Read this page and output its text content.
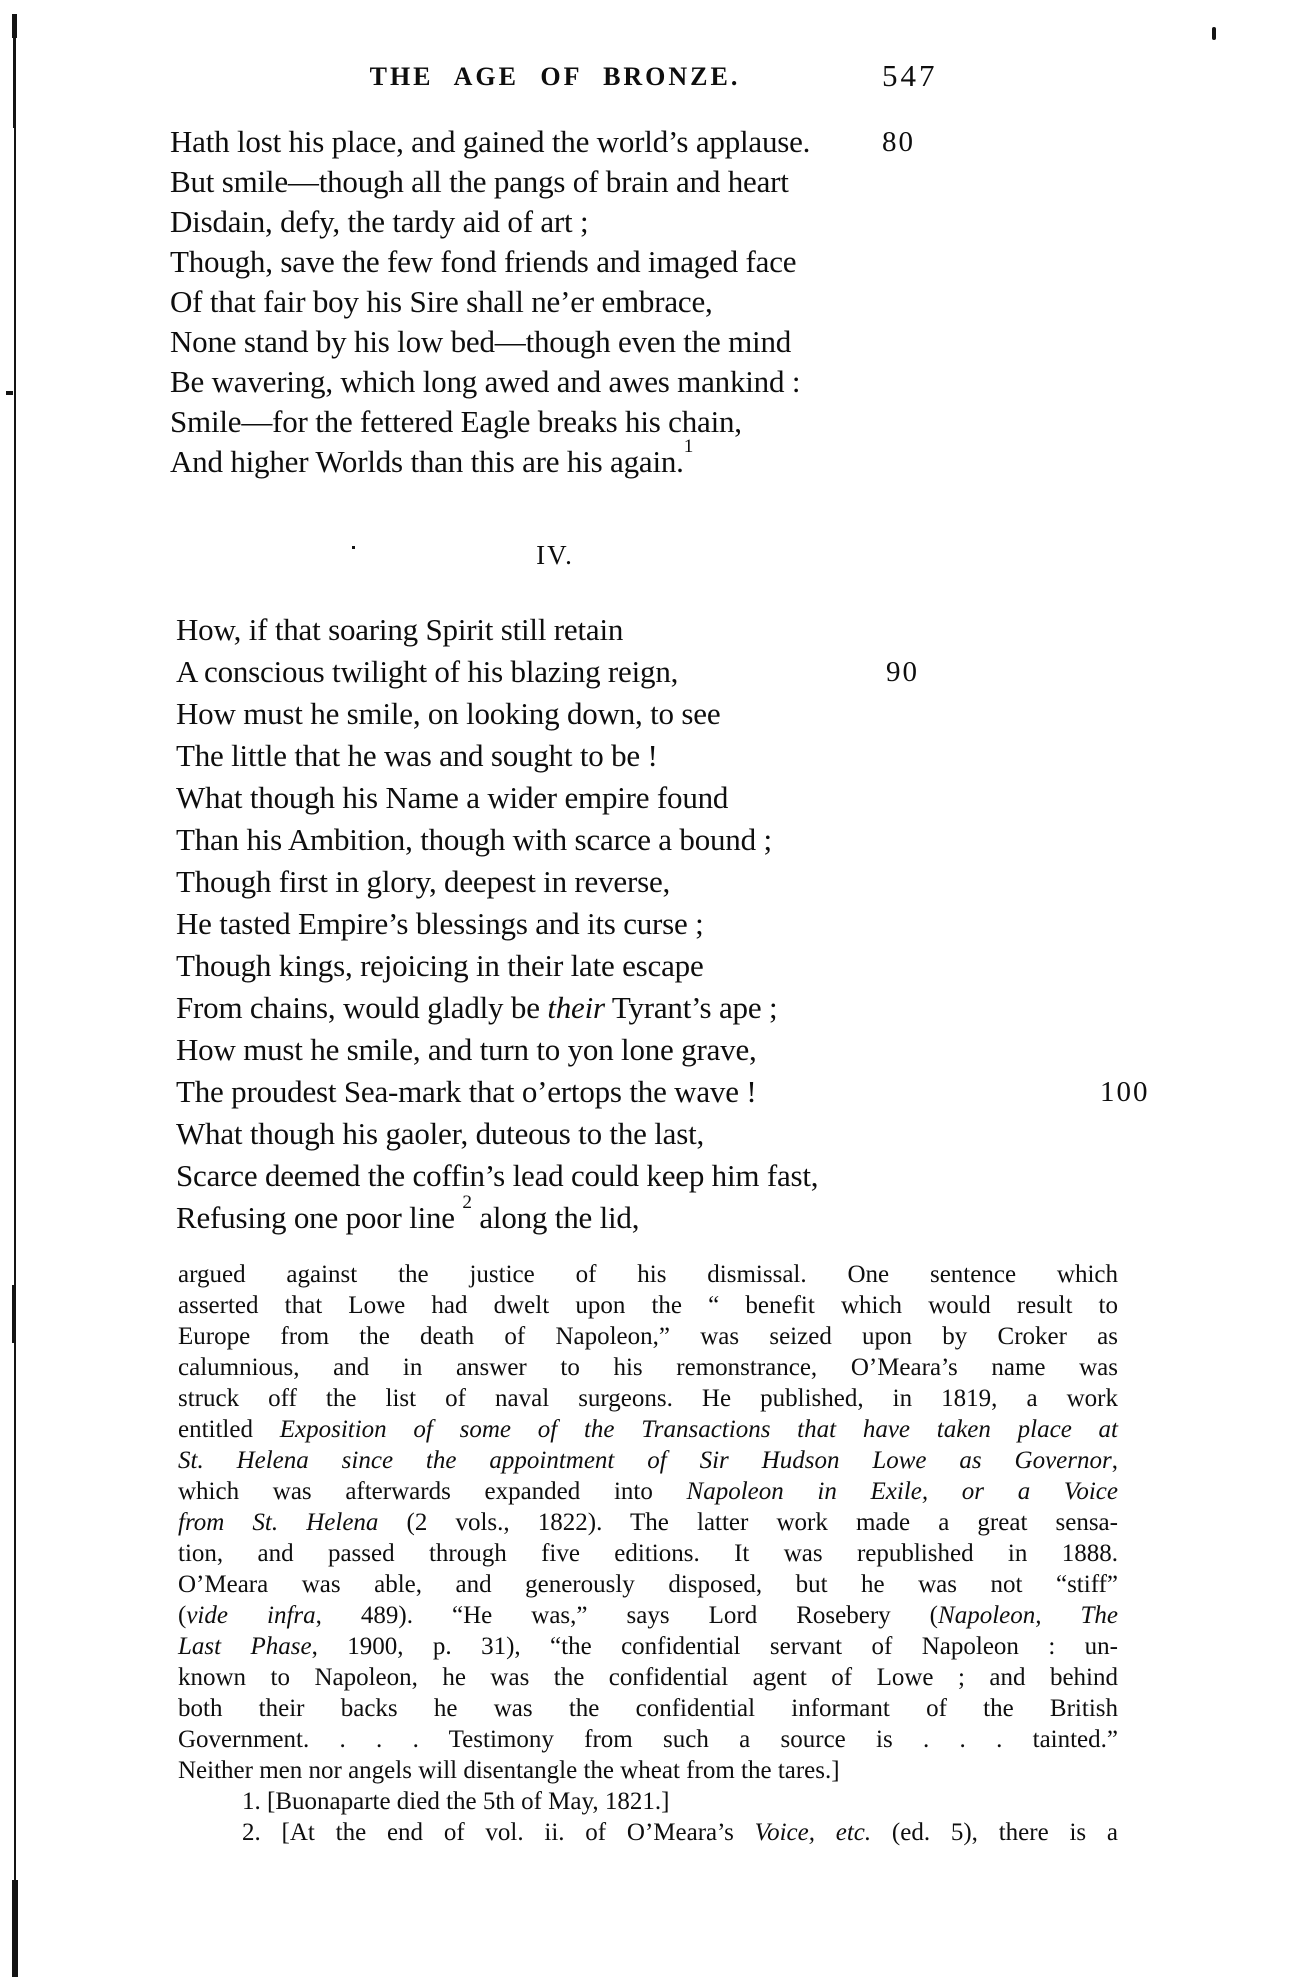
THE AGE OF BRONZE.	547
Hath lost his place, and gained the world’s applause. 80
But smile—though all the pangs of brain and heart
Disdain, defy, the tardy aid of art ;
Though, save the few fond friends and imaged face
Of that fair boy his Sire shall ne’er embrace,
None stand by his low bed—though even the mind
Be wavering, which long awed and awes mankind :
Smile—for the fettered Eagle breaks his chain,
And higher Worlds than this are his again.$^1$
IV.
How, if that soaring Spirit still retain
A conscious twilight of his blazing reign,	90
How must he smile, on looking down, to see
The little that he was and sought to be !
What though his Name a wider empire found
Than his Ambition, though with scarce a bound ;
Though first in glory, deepest in reverse,
He tasted Empire’s blessings and its curse ;
Though kings, rejoicing in their late escape
From chains, would gladly be their Tyrant’s ape ;
How must he smile, and turn to yon lone grave,
The proudest Sea-mark that o’ertops the wave !	100
What though his gaoler, duteous to the last,
Scarce deemed the coffin’s lead could keep him fast,
Refusing one poor line $^2$ along the lid,
argued against the justice of his dismissal. One sentence which
asserted that Lowe had dwelt upon the “ benefit which would result to
Europe from the death of Napoleon,” was seized upon by Croker as
calumnious, and in answer to his remonstrance, O’Meara’s name was
struck off the list of naval surgeons. He published, in 1819, a work
entitled Exposition of some of the Transactions that have taken place at
St. Helena since the appointment of Sir Hudson Lowe as Governor,
which was afterwards expanded into Napoleon in Exile, or a Voice
from St. Helena (2 vols., 1822). The latter work made a great sensa-
tion, and passed through five editions. It was republished in 1888.
O’Meara was able, and generously disposed, but he was not “stiff”
(vide infra, 489). “He was,” says Lord Rosebery (Napoleon, The
Last Phase, 1900, p. 31), “the confidential servant of Napoleon : un-
known to Napoleon, he was the confidential agent of Lowe ; and behind
both their backs he was the confidential informant of the British
Government. . . . Testimony from such a source is . . . tainted.”
Neither men nor angels will disentangle the wheat from the tares.]
1. [Buonaparte died the 5th of May, 1821.]
2. [At the end of vol. ii. of O’Meara’s Voice, etc. (ed. 5), there is a
